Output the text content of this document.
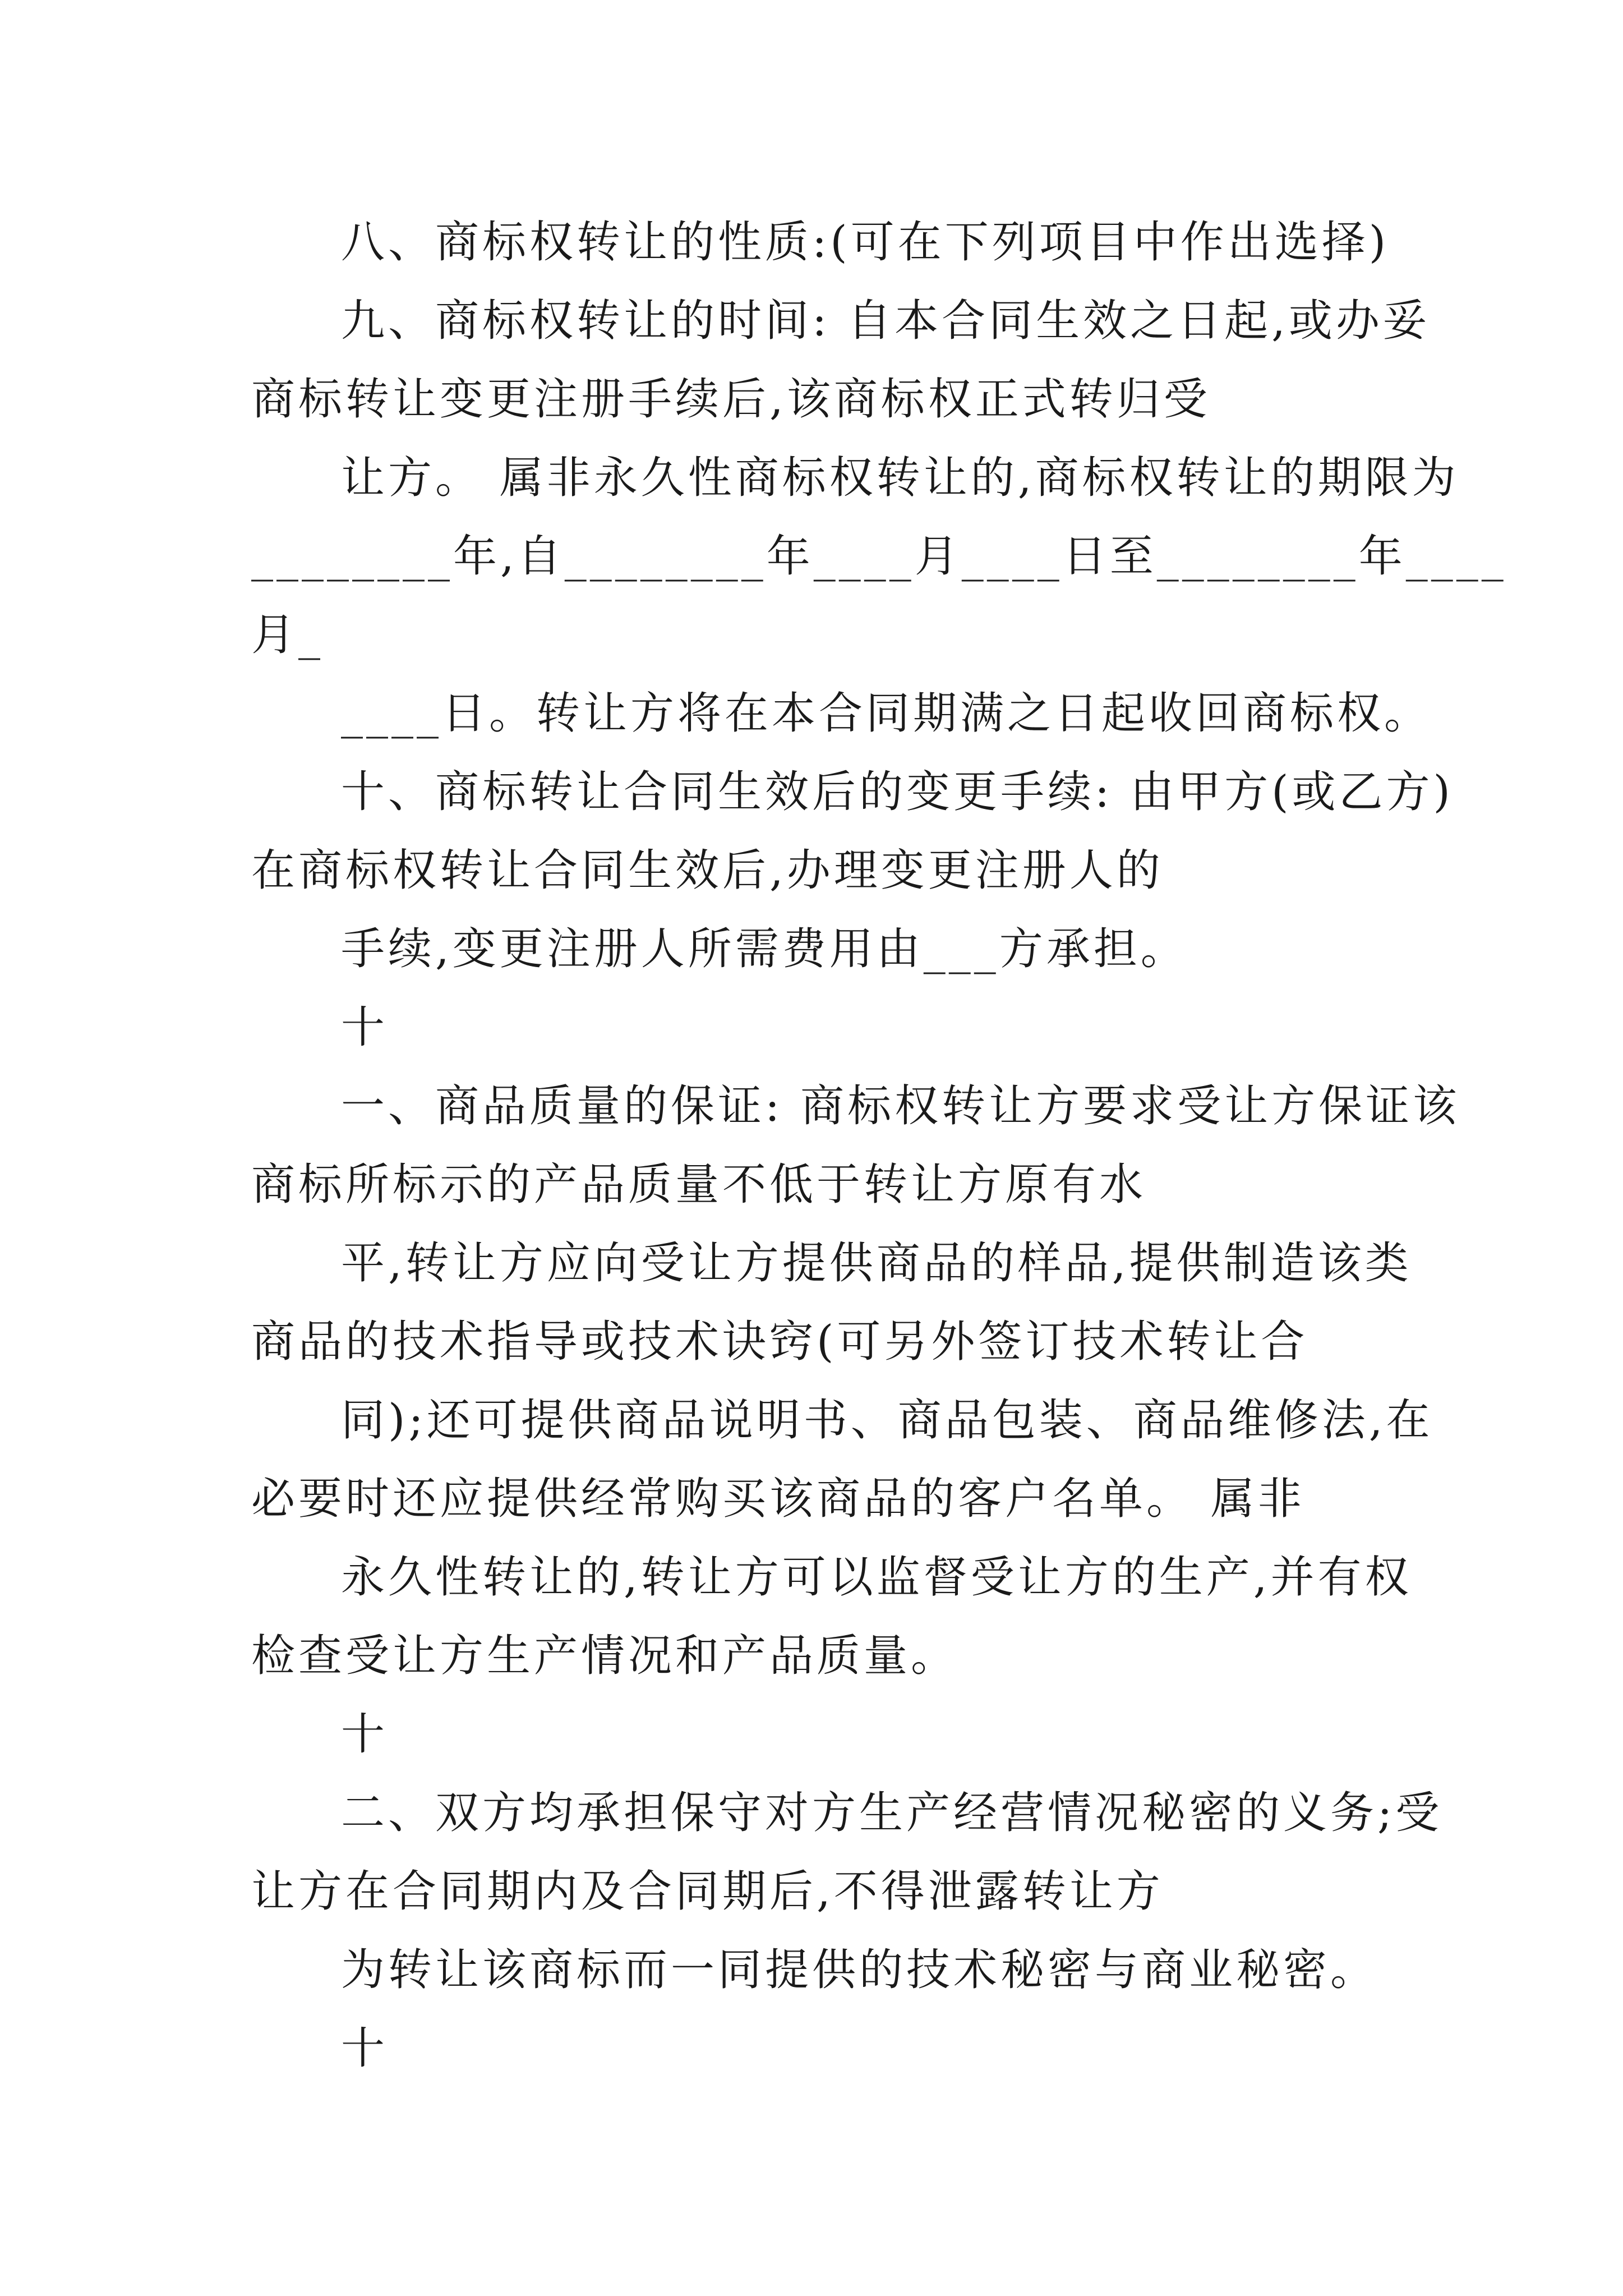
八、商标权转让的性质:(可在下列项目中作出选择)
九、商标权转让的时间: 自本合同生效之日起,或办妥
商标转让变更注册手续后,该商标权正式转归受
让方。 属非永久性商标权转让的,商标权转让的期限为
________年,自________年____月____日至________年____
月_
____日。转让方将在本合同期满之日起收回商标权。
十、商标转让合同生效后的变更手续: 由甲方(或乙方)
在商标权转让合同生效后,办理变更注册人的
手续,变更注册人所需费用由___方承担。
十
一、商品质量的保证: 商标权转让方要求受让方保证该
商标所标示的产品质量不低于转让方原有水
平,转让方应向受让方提供商品的样品,提供制造该类
商品的技术指导或技术诀窍(可另外签订技术转让合
同);还可提供商品说明书、商品包装、商品维修法,在
必要时还应提供经常购买该商品的客户名单。 属非
永久性转让的,转让方可以监督受让方的生产,并有权
检查受让方生产情况和产品质量。
十
二、双方均承担保守对方生产经营情况秘密的义务;受
让方在合同期内及合同期后,不得泄露转让方
为转让该商标而一同提供的技术秘密与商业秘密。
十
